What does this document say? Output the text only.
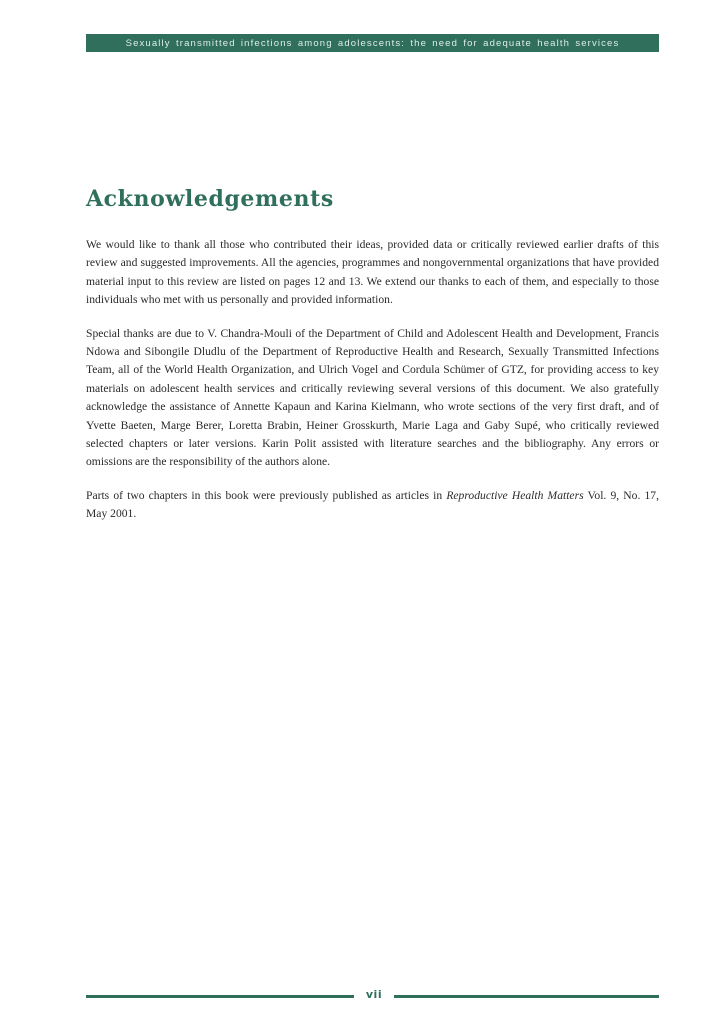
Sexually transmitted infections among adolescents: the need for adequate health services
Acknowledgements

We would like to thank all those who contributed their ideas, provided data or critically reviewed earlier drafts of this review and suggested improvements. All the agencies, programmes and nongovernmental organizations that have provided material input to this review are listed on pages 12 and 13. We extend our thanks to each of them, and especially to those individuals who met with us personally and provided information.

Special thanks are due to V. Chandra-Mouli of the Department of Child and Adolescent Health and Development, Francis Ndowa and Sibongile Dludlu of the Department of Reproductive Health and Research, Sexually Transmitted Infections Team, all of the World Health Organization, and Ulrich Vogel and Cordula Schümer of GTZ, for providing access to key materials on adolescent health services and critically reviewing several versions of this document. We also gratefully acknowledge the assistance of Annette Kapaun and Karina Kielmann, who wrote sections of the very first draft, and of Yvette Baeten, Marge Berer, Loretta Brabin, Heiner Grosskurth, Marie Laga and Gaby Supé, who critically reviewed selected chapters or later versions. Karin Polit assisted with literature searches and the bibliography. Any errors or omissions are the responsibility of the authors alone.

Parts of two chapters in this book were previously published as articles in Reproductive Health Matters Vol. 9, No. 17, May 2001.

vii
